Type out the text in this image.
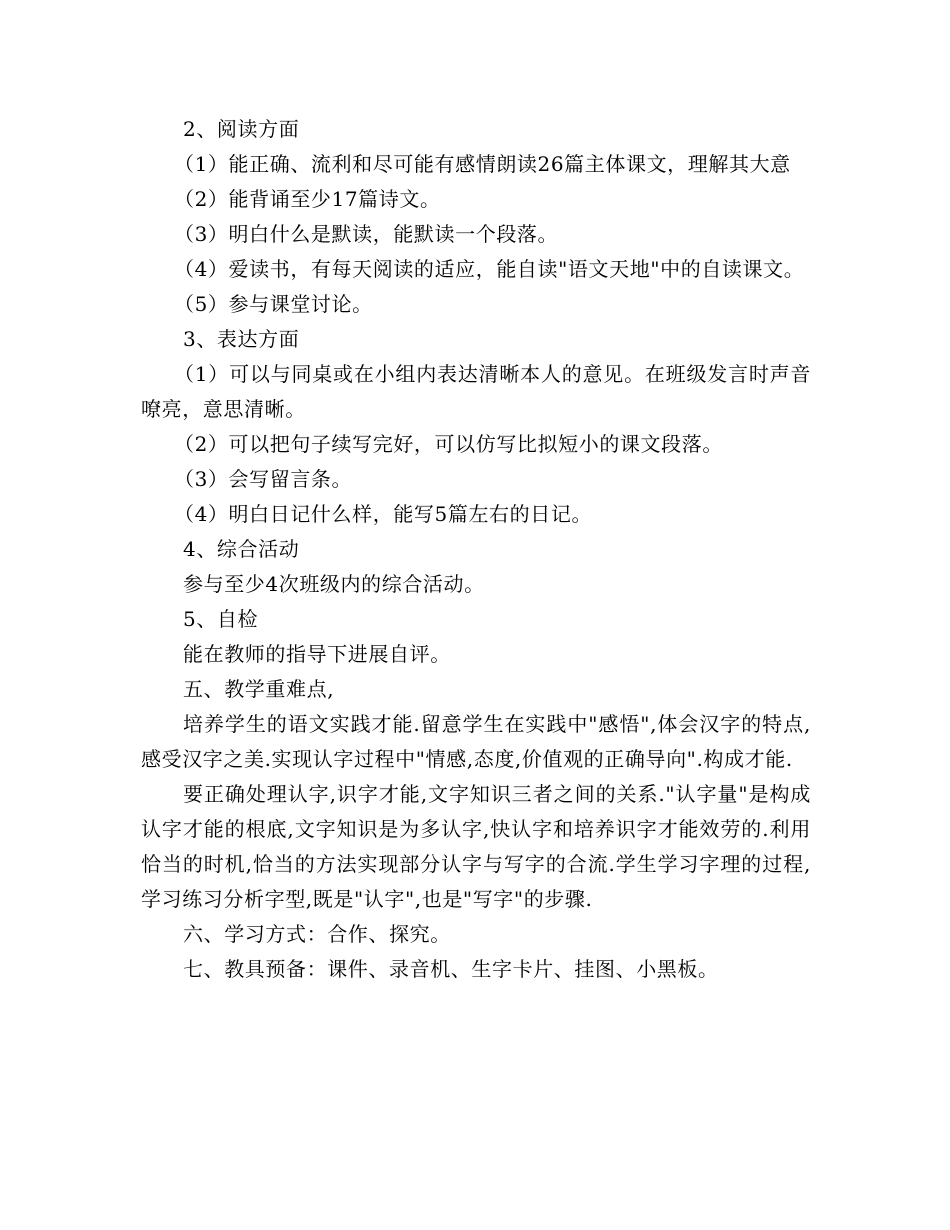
2、阅读方面

（1）能正确、流利和尽可能有感情朗读26篇主体课文，理解其大意

（2）能背诵至少17篇诗文。

（3）明白什么是默读，能默读一个段落。

（4）爱读书，有每天阅读的适应，能自读"语文天地"中的自读课文。

（5）参与课堂讨论。

3、表达方面

（1）可以与同桌或在小组内表达清晰本人的意见。在班级发言时声音嘹亮，意思清晰。

（2）可以把句子续写完好，可以仿写比拟短小的课文段落。

（3）会写留言条。

（4）明白日记什么样，能写5篇左右的日记。

4、综合活动

参与至少4次班级内的综合活动。

5、自检

能在教师的指导下进展自评。

五、教学重难点,

培养学生的语文实践才能.留意学生在实践中"感悟",体会汉字的特点,感受汉字之美.实现认字过程中"情感,态度,价值观的正确导向".构成才能.

要正确处理认字,识字才能,文字知识三者之间的关系."认字量"是构成认字才能的根底,文字知识是为多认字,快认字和培养识字才能效劳的.利用恰当的时机,恰当的方法实现部分认字与写字的合流.学生学习字理的过程,学习练习分析字型,既是"认字",也是"写字"的步骤.

六、学习方式：合作、探究。

七、教具预备：课件、录音机、生字卡片、挂图、小黑板。
